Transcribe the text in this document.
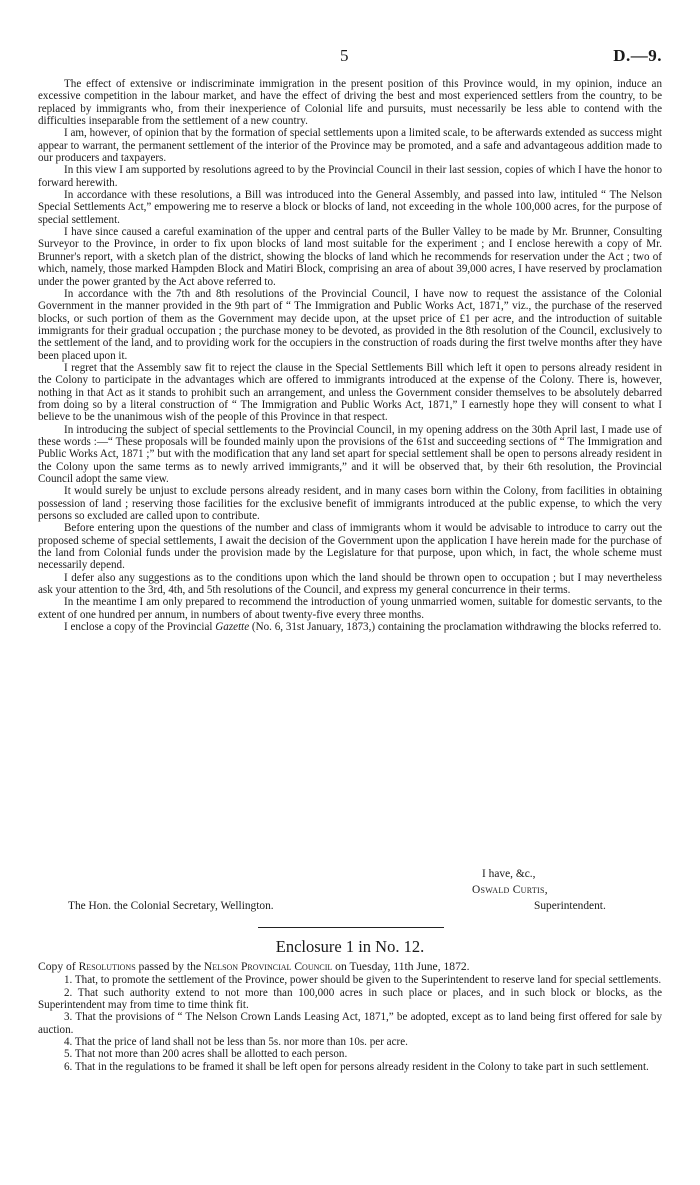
5	D.—9.

The effect of extensive or indiscriminate immigration in the present position of this Province would, in my opinion, induce an excessive competition in the labour market, and have the effect of driving the best and most experienced settlers from the country, to be replaced by immigrants who, from their inexperience of Colonial life and pursuits, must necessarily be less able to contend with the difficulties inseparable from the settlement of a new country.

I am, however, of opinion that by the formation of special settlements upon a limited scale, to be afterwards extended as success might appear to warrant, the permanent settlement of the interior of the Province may be promoted, and a safe and advantageous addition made to our producers and taxpayers.

In this view I am supported by resolutions agreed to by the Provincial Council in their last session, copies of which I have the honor to forward herewith.

In accordance with these resolutions, a Bill was introduced into the General Assembly, and passed into law, intituled “ The Nelson Special Settlements Act,” empowering me to reserve a block or blocks of land, not exceeding in the whole 100,000 acres, for the purpose of special settlement.

I have since caused a careful examination of the upper and central parts of the Buller Valley to be made by Mr. Brunner, Consulting Surveyor to the Province, in order to fix upon blocks of land most suitable for the experiment ; and I enclose herewith a copy of Mr. Brunner's report, with a sketch plan of the district, showing the blocks of land which he recommends for reservation under the Act ; two of which, namely, those marked Hampden Block and Matiri Block, comprising an area of about 39,000 acres, I have reserved by proclamation under the power granted by the Act above referred to.

In accordance with the 7th and 8th resolutions of the Provincial Council, I have now to request the assistance of the Colonial Government in the manner provided in the 9th part of “ The Immigration and Public Works Act, 1871,” viz., the purchase of the reserved blocks, or such portion of them as the Government may decide upon, at the upset price of £1 per acre, and the introduction of suitable immigrants for their gradual occupation ; the purchase money to be devoted, as provided in the 8th resolution of the Council, exclusively to the settlement of the land, and to providing work for the occupiers in the construction of roads during the first twelve months after they have been placed upon it.

I regret that the Assembly saw fit to reject the clause in the Special Settlements Bill which left it open to persons already resident in the Colony to participate in the advantages which are offered to immigrants introduced at the expense of the Colony. There is, however, nothing in that Act as it stands to prohibit such an arrangement, and unless the Government consider themselves to be absolutely debarred from doing so by a literal construction of “ The Immigration and Public Works Act, 1871,” I earnestly hope they will consent to what I believe to be the unanimous wish of the people of this Province in that respect.

In introducing the subject of special settlements to the Provincial Council, in my opening address on the 30th April last, I made use of these words :—“ These proposals will be founded mainly upon the provisions of the 61st and succeeding sections of “ The Immigration and Public Works Act, 1871 ;” but with the modification that any land set apart for special settlement shall be open to persons already resident in the Colony upon the same terms as to newly arrived immigrants,” and it will be observed that, by their 6th resolution, the Provincial Council adopt the same view.

It would surely be unjust to exclude persons already resident, and in many cases born within the Colony, from facilities in obtaining possession of land ; reserving those facilities for the exclusive benefit of immigrants introduced at the public expense, to which the very persons so excluded are called upon to contribute.

Before entering upon the questions of the number and class of immigrants whom it would be advisable to introduce to carry out the proposed scheme of special settlements, I await the decision of the Government upon the application I have herein made for the purchase of the land from Colonial funds under the provision made by the Legislature for that purpose, upon which, in fact, the whole scheme must necessarily depend.

I defer also any suggestions as to the conditions upon which the land should be thrown open to occupation ; but I may nevertheless ask your attention to the 3rd, 4th, and 5th resolutions of the Council, and express my general concurrence in their terms.

In the meantime I am only prepared to recommend the introduction of young unmarried women, suitable for domestic servants, to the extent of one hundred per annum, in numbers of about twenty-five every three months.

I enclose a copy of the Provincial Gazette (No. 6, 31st January, 1873,) containing the proclamation withdrawing the blocks referred to.

I have, &c.,
Oswald Curtis,
The Hon. the Colonial Secretary, Wellington.	Superintendent.
Enclosure 1 in No. 12.

Copy of Resolutions passed by the Nelson Provincial Council on Tuesday, 11th June, 1872.

1. That, to promote the settlement of the Province, power should be given to the Superintendent to reserve land for special settlements.

2. That such authority extend to not more than 100,000 acres in such place or places, and in such block or blocks, as the Superintendent may from time to time think fit.

3. That the provisions of “ The Nelson Crown Lands Leasing Act, 1871,” be adopted, except as to land being first offered for sale by auction.

4. That the price of land shall not be less than 5s. nor more than 10s. per acre.

5. That not more than 200 acres shall be allotted to each person.

6. That in the regulations to be framed it shall be left open for persons already resident in the Colony to take part in such settlement.
